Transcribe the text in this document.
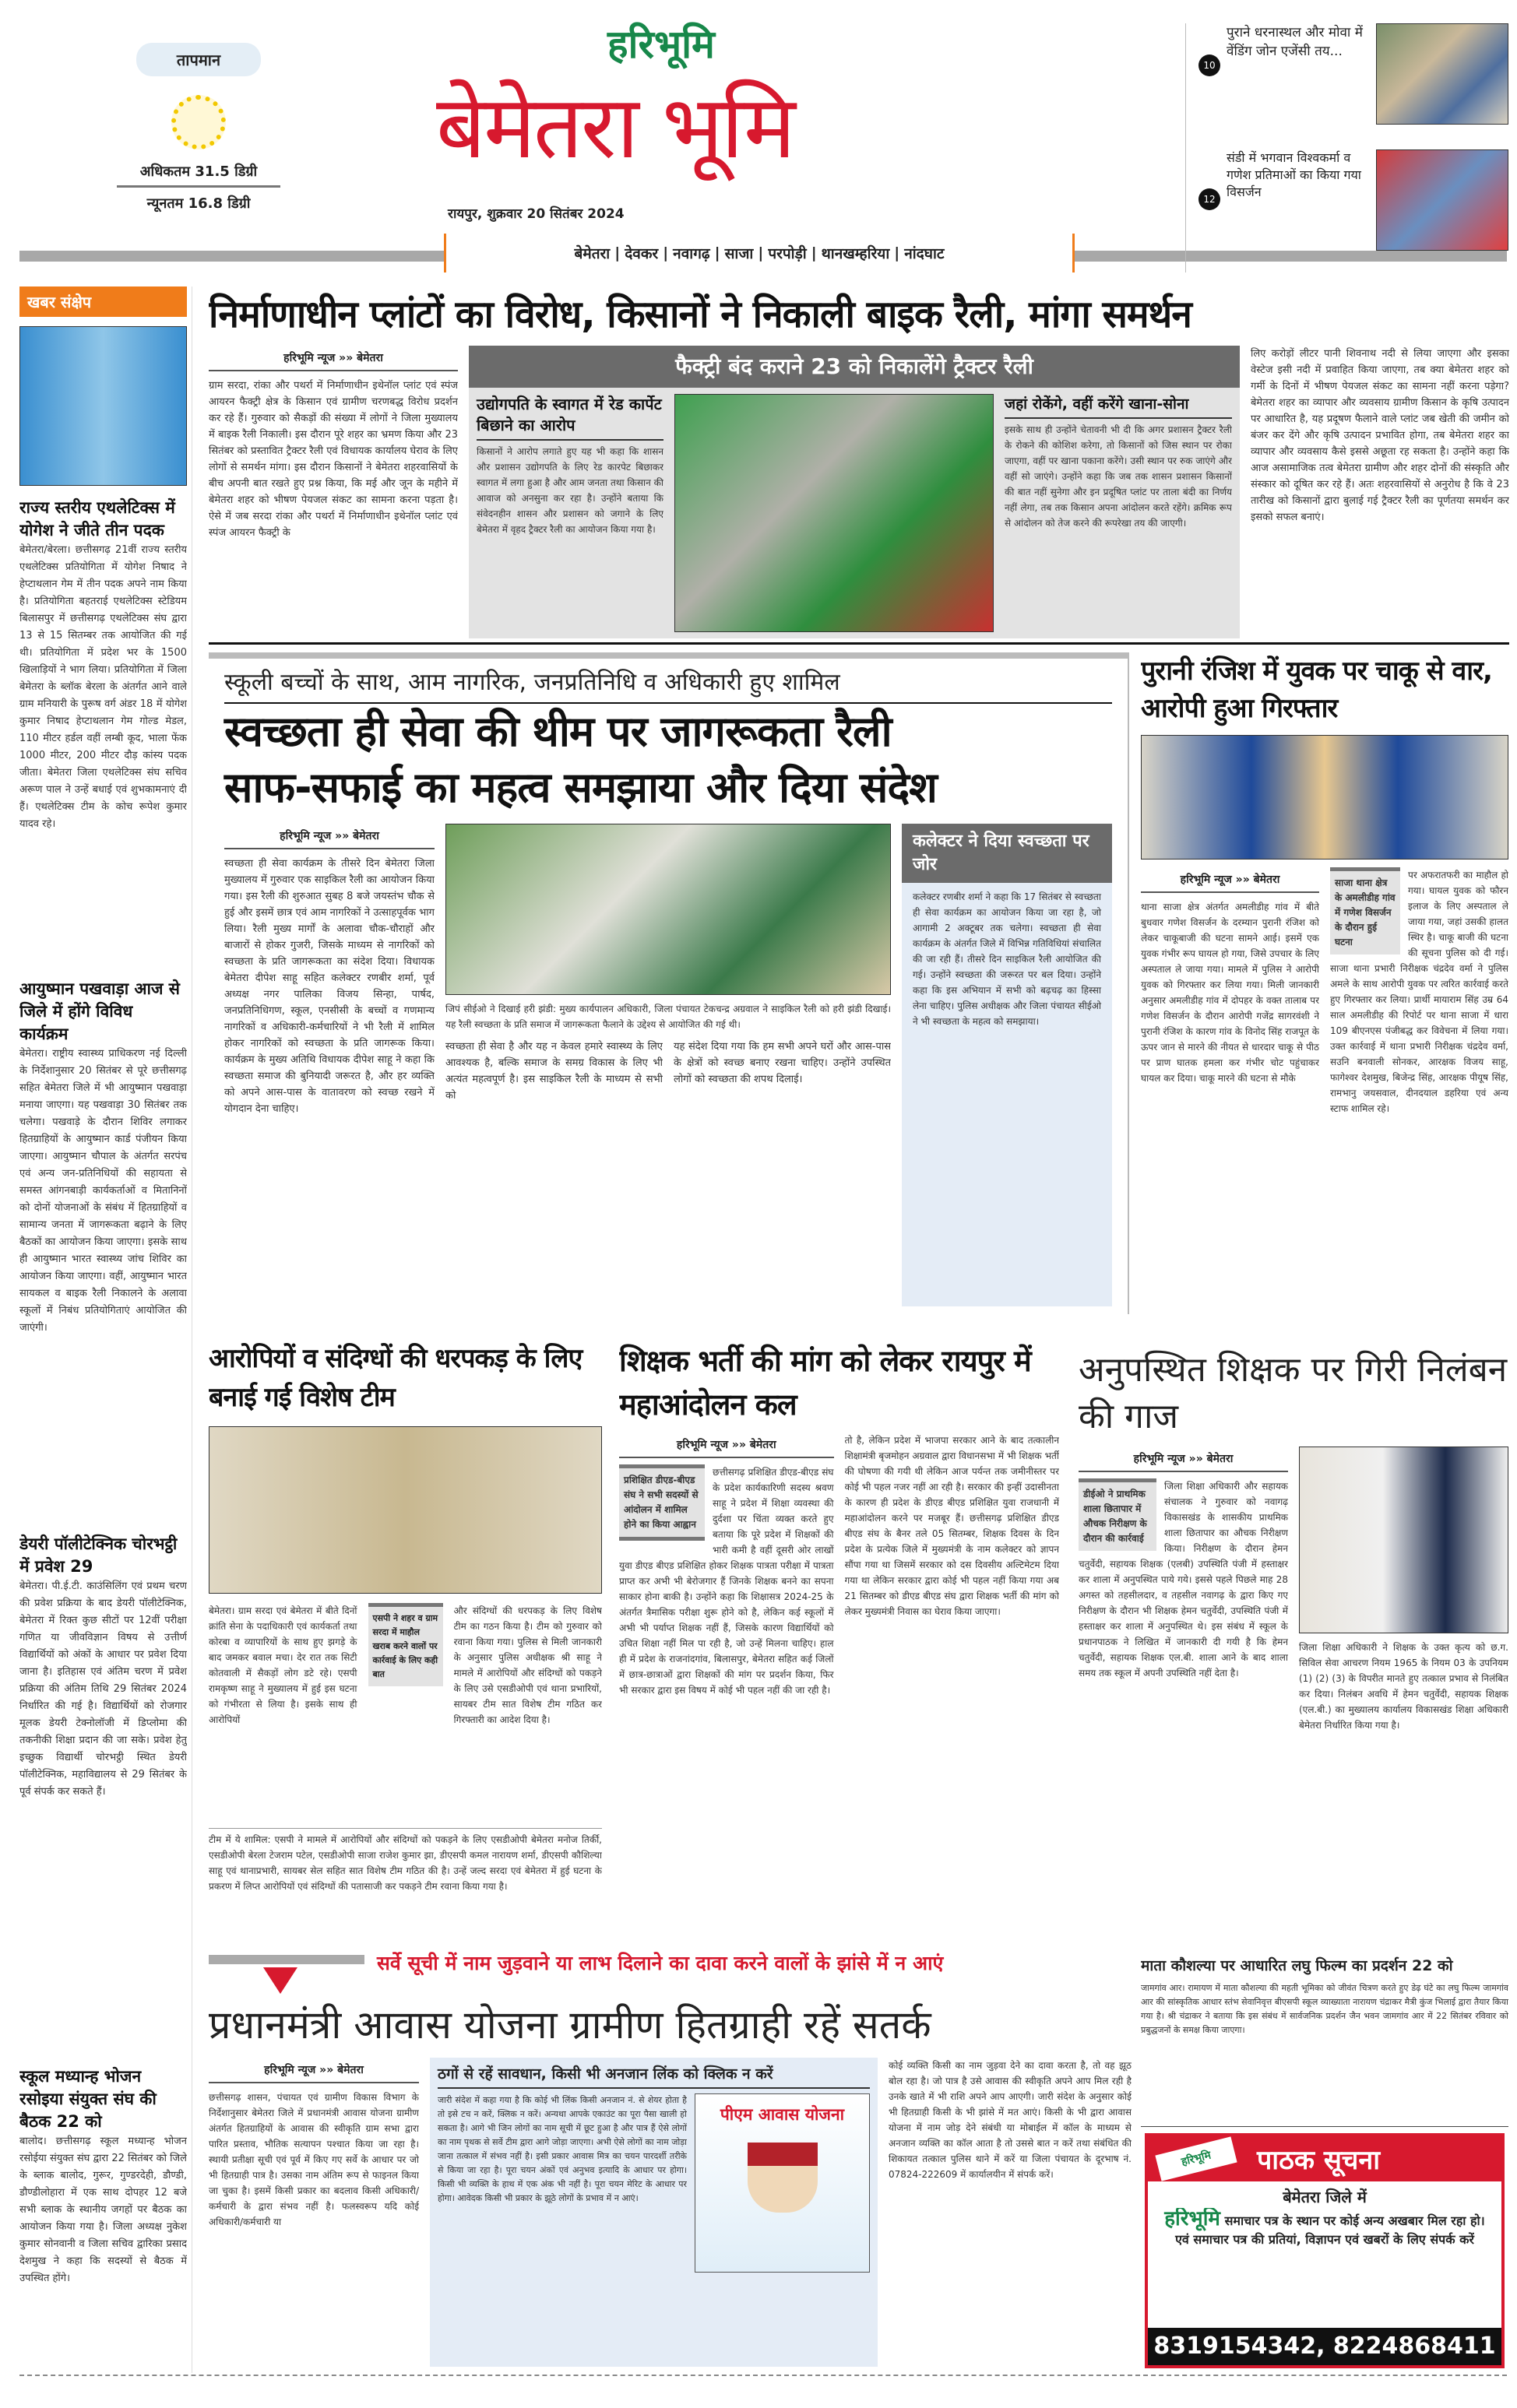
तापमान
अधिकतम 31.5 डिग्री
न्यूनतम 16.8 डिग्री
हरिभूमि
बेमेतरा भूमि
रायपुर, शुक्रवार 20 सितंबर 2024
बेमेतरा | देवकर | नवागढ़ | साजा | परपोड़ी | थानखम्हरिया | नांदघाट
10
पुराने धरनास्थल और मोवा में वेंडिंग जोन एजेंसी तय...
12
संडी में भगवान विश्वकर्मा व गणेश प्रतिमाओं का किया गया विसर्जन
खबर संक्षेप
राज्य स्तरीय एथलेटिक्स में योगेश ने जीते तीन पदक
बेमेतरा/बेरला। छत्तीसगढ़ 21वीं राज्य स्तरीय एथलेटिक्स प्रतियोगिता में योगेश निषाद ने हेप्टाथलान गेम में तीन पदक अपने नाम किया है। प्रतियोगिता बहतराई एथलेटिक्स स्टेडियम बिलासपुर में छत्तीसगढ़ एथलेटिक्स संघ द्वारा 13 से 15 सितम्बर तक आयोजित की गई थी। प्रतियोगिता में प्रदेश भर के 1500 खिलाड़ियों ने भाग लिया। प्रतियोगिता में जिला बेमेतरा के ब्लॉक बेरला के अंतर्गत आने वाले ग्राम मनियारी के पुरूष वर्ग अंडर 18 में योगेश कुमार निषाद हेप्टाथलान गेम गोल्ड मेडल, 110 मीटर हर्डल वहीं लम्बी कूद, भाला फेंक 1000 मीटर, 200 मीटर दौड़ कांस्य पदक जीता। बेमेतरा जिला एथलेटिक्स संघ सचिव अरूण पाल ने उन्हें बधाई एवं शुभकामनाएं दी हैं। एथलेटिक्स टीम के कोच रूपेश कुमार यादव रहे।
आयुष्मान पखवाड़ा आज से जिले में होंगे विविध कार्यक्रम
बेमेतरा। राष्ट्रीय स्वास्थ्य प्राधिकरण नई दिल्ली के निर्देशानुसार 20 सितंबर से पूरे छत्तीसगढ़ सहित बेमेतरा जिले में भी आयुष्मान पखवाड़ा मनाया जाएगा। यह पखवाड़ा 30 सितंबर तक चलेगा। पखवाड़े के दौरान शिविर लगाकर हितग्राहियों के आयुष्मान कार्ड पंजीयन किया जाएगा। आयुष्मान चौपाल के अंतर्गत सरपंच एवं अन्य जन-प्रतिनिधियों की सहायता से समस्त आंगनबाड़ी कार्यकर्ताओं व मितानिनों को दोनों योजनाओं के संबंध में हितग्राहियों व सामान्य जनता में जागरूकता बढ़ाने के लिए बैठकों का आयोजन किया जाएगा। इसके साथ ही आयुष्मान भारत स्वास्थ्य जांच शिविर का आयोजन किया जाएगा। वहीं, आयुष्मान भारत सायकल व बाइक रैली निकालने के अलावा स्कूलों में निबंध प्रतियोगिताएं आयोजित की जाएंगी।
डेयरी पॉलीटेक्निक चोरभट्ठी में प्रवेश 29
बेमेतरा। पी.ई.टी. काउंसिलिंग एवं प्रथम चरण की प्रवेश प्रक्रिया के बाद डेयरी पॉलीटेक्निक, बेमेतरा में रिक्त कुछ सीटों पर 12वीं परीक्षा गणित या जीवविज्ञान विषय से उत्तीर्ण विद्यार्थियों को अंकों के आधार पर प्रवेश दिया जाना है। इतिहास एवं अंतिम चरण में प्रवेश प्रक्रिया की अंतिम तिथि 29 सितंबर 2024 निर्धारित की गई है। विद्यार्थियों को रोजगार मूलक डेयरी टेक्नोलॉजी में डिप्लोमा की तकनीकी शिक्षा प्रदान की जा सके। प्रवेश हेतु इच्छुक विद्यार्थी चोरभट्ठी स्थित डेयरी पॉलीटेक्निक, महाविद्यालय से 29 सितंबर के पूर्व संपर्क कर सकते हैं।
स्कूल मध्यान्ह भोजन रसोइया संयुक्त संघ की बैठक 22 को
बालोद। छत्तीसगढ़ स्कूल मध्यान्ह भोजन रसोईया संयुक्त संघ द्वारा 22 सितंबर को जिले के ब्लाक बालोद, गुरूर, गुण्डरदेही, डौण्डी, डौण्डीलोहारा में एक साथ दोपहर 12 बजे सभी ब्लाक के स्थानीय जगहों पर बैठक का आयोजन किया गया है। जिला अध्यक्ष नुकेश कुमार सोनवानी व जिला सचिव द्वारिका प्रसाद देशमुख ने कहा कि सदस्यों से बैठक में उपस्थित होंगे।
निर्माणाधीन प्लांटों का विरोध, किसानों ने निकाली बाइक रैली, मांगा समर्थन
हरिभूमि न्यूज »» बेमेतरा
ग्राम सरदा, रांका और पथर्रा में निर्माणाधीन इथेनॉल प्लांट एवं स्पंज आयरन फैक्ट्री क्षेत्र के किसान एवं ग्रामीण चरणबद्ध विरोध प्रदर्शन कर रहे हैं। गुरुवार को सैकड़ों की संख्या में लोगों ने जिला मुख्यालय में बाइक रैली निकाली। इस दौरान पूरे शहर का भ्रमण किया और 23 सितंबर को प्रस्तावित ट्रैक्टर रैली एवं विधायक कार्यालय घेराव के लिए लोगों से समर्थन मांगा। इस दौरान किसानों ने बेमेतरा शहरवासियों के बीच अपनी बात रखते हुए प्रश्न किया, कि मई और जून के महीने में बेमेतरा शहर को भीषण पेयजल संकट का सामना करना पड़ता है। ऐसे में जब सरदा रांका और पथर्रा में निर्माणाधीन इथेनॉल प्लांट एवं स्पंज आयरन फैक्ट्री के
फैक्ट्री बंद कराने 23 को निकालेंगे ट्रैक्टर रैली
उद्योगपति के स्वागत में रेड कार्पेट बिछाने का आरोप
किसानों ने आरोप लगाते हुए यह भी कहा कि शासन और प्रशासन उद्योगपति के लिए रेड कारपेट बिछाकर स्वागत में लगा हुआ है और आम जनता तथा किसान की आवाज को अनसुना कर रहा है। उन्होंने बताया कि संवेदनहीन शासन और प्रशासन को जगाने के लिए बेमेतरा में वृहद ट्रैक्टर रैली का आयोजन किया गया है।
जहां रोकेंगे, वहीं करेंगे खाना-सोना
इसके साथ ही उन्होंने चेतावनी भी दी कि अगर प्रशासन ट्रैक्टर रैली के रोकने की कोशिश करेगा, तो किसानों को जिस स्थान पर रोका जाएगा, वहीं पर खाना पकाना करेंगे। उसी स्थान पर रुक जाएंगे और वहीं सो जाएंगे। उन्होंने कहा कि जब तक शासन प्रशासन किसानों की बात नहीं सुनेगा और इन प्रदूषित प्लांट पर ताला बंदी का निर्णय नहीं लेगा, तब तक किसान अपना आंदोलन करते रहेंगे। क्रमिक रूप से आंदोलन को तेज करने की रूपरेखा तय की जाएगी।
लिए करोड़ों लीटर पानी शिवनाथ नदी से लिया जाएगा और इसका वेस्टेज इसी नदी में प्रवाहित किया जाएगा, तब क्या बेमेतरा शहर को गर्मी के दिनों में भीषण पेयजल संकट का सामना नहीं करना पड़ेगा? बेमेतरा शहर का व्यापार और व्यवसाय ग्रामीण किसान के कृषि उत्पादन पर आधारित है, यह प्रदूषण फैलाने वाले प्लांट जब खेती की जमीन को बंजर कर देंगे और कृषि उत्पादन प्रभावित होगा, तब बेमेतरा शहर का व्यापार और व्यवसाय कैसे इससे अछूता रह सकता है। उन्होंने कहा कि आज असामाजिक तत्व बेमेतरा ग्रामीण और शहर दोनों की संस्कृति और संस्कार को दूषित कर रहे हैं। अतः शहरवासियों से अनुरोध है कि वे 23 तारीख को किसानों द्वारा बुलाई गई ट्रैक्टर रैली का पूर्णतया समर्थन कर इसको सफल बनाएं।
स्कूली बच्चों के साथ, आम नागरिक, जनप्रतिनिधि व अधिकारी हुए शामिल
स्वच्छता ही सेवा की थीम पर जागरूकता रैली
साफ-सफाई का महत्व समझाया और दिया संदेश
हरिभूमि न्यूज »» बेमेतरा
स्वच्छता ही सेवा कार्यक्रम के तीसरे दिन बेमेतरा जिला मुख्यालय में गुरुवार एक साइकिल रैली का आयोजन किया गया। इस रैली की शुरुआत सुबह 8 बजे जयस्तंभ चौक से हुई और इसमें छात्र एवं आम नागरिकों ने उत्साहपूर्वक भाग लिया। रैली मुख्य मार्गों के अलावा चौक-चौराहों और बाजारों से होकर गुजरी, जिसके माध्यम से नागरिकों को स्वच्छता के प्रति जागरूकता का संदेश दिया। विधायक बेमेतरा दीपेश साहू सहित कलेक्टर रणबीर शर्मा, पूर्व अध्यक्ष नगर पालिका विजय सिन्हा, पार्षद, जनप्रतिनिधिगण, स्कूल, एनसीसी के बच्चों व गणमान्य नागरिकों व अधिकारी-कर्मचारियों ने भी रैली में शामिल होकर नागरिकों को स्वच्छता के प्रति जागरूक किया। कार्यक्रम के मुख्य अतिथि विधायक दीपेश साहू ने कहा कि स्वच्छता समाज की बुनियादी जरूरत है, और हर व्यक्ति को अपने आस-पास के वातावरण को स्वच्छ रखने में योगदान देना चाहिए।
जिपं सीईओ ने दिखाई हरी झंडी: मुख्य कार्यपालन अधिकारी, जिला पंचायत टेकचन्द्र अग्रवाल ने साइकिल रैली को हरी झंडी दिखाई। यह रैली स्वच्छता के प्रति समाज में जागरूकता फैलाने के उद्देश्य से आयोजित की गई थी।
स्वच्छता ही सेवा है और यह न केवल हमारे स्वास्थ्य के लिए आवश्यक है, बल्कि समाज के समग्र विकास के लिए भी अत्यंत महत्वपूर्ण है। इस साइकिल रैली के माध्यम से सभी को
यह संदेश दिया गया कि हम सभी अपने घरों और आस-पास के क्षेत्रों को स्वच्छ बनाए रखना चाहिए। उन्होंने उपस्थित लोगों को स्वच्छता की शपथ दिलाई।
कलेक्टर ने दिया स्वच्छता पर जोर
कलेक्टर रणबीर शर्मा ने कहा कि 17 सितंबर से स्वच्छता ही सेवा कार्यक्रम का आयोजन किया जा रहा है, जो आगामी 2 अक्टूबर तक चलेगा। स्वच्छता ही सेवा कार्यक्रम के अंतर्गत जिले में विभिन्न गतिविधियां संचालित की जा रही हैं। तीसरे दिन साइकिल रैली आयोजित की गई। उन्होंने स्वच्छता की जरूरत पर बल दिया। उन्होंने कहा कि इस अभियान में सभी को बढ़चढ़ का हिस्सा लेना चाहिए। पुलिस अधीक्षक और जिला पंचायत सीईओ ने भी स्वच्छता के महत्व को समझाया।
पुरानी रंजिश में युवक पर चाकू से वार, आरोपी हुआ गिरफ्तार
हरिभूमि न्यूज »» बेमेतरा
थाना साजा क्षेत्र अंतर्गत अमलीडीह गांव में बीते बुधवार गणेश विसर्जन के दरम्यान पुरानी रंजिश को लेकर चाकूबाजी की घटना सामने आई। इसमें एक युवक गंभीर रूप घायल हो गया, जिसे उपचार के लिए अस्पताल ले जाया गया। मामले में पुलिस ने आरोपी युवक को गिरफ्तार कर लिया गया। मिली जानकारी अनुसार अमलीडीह गांव में दोपहर के वक्त तालाब पर गणेश विसर्जन के दौरान आरोपी गजेंद्र सागरवंशी ने पुरानी रंजिश के कारण गांव के विनोद सिंह राजपूत के ऊपर जान से मारने की नीयत से धारदार चाकू से पीठ पर प्राण घातक हमला कर गंभीर चोट पहुंचाकर घायल कर दिया। चाकू मारने की घटना से मौके
साजा थाना क्षेत्र के अमलीडीह गांव में गणेश विसर्जन के दौरान हुई घटना
पर अफरातफरी का माहौल हो गया। घायल युवक को फौरन इलाज के लिए अस्पताल ले जाया गया, जहां उसकी हालत स्थिर है। चाकू बाजी की घटना की सूचना पुलिस को दी गई। साजा थाना प्रभारी निरीक्षक चंद्रदेव वर्मा ने पुलिस अमले के साथ आरोपी युवक पर त्वरित कार्रवाई करते हुए गिरफ्तार कर लिया। प्रार्थी मायाराम सिंह उम्र 64 साल अमलीडीह की रिपोर्ट पर थाना साजा में धारा 109 बीएनएस पंजीबद्ध कर विवेचना में लिया गया। उक्त कार्रवाई में थाना प्रभारी निरीक्षक चंद्रदेव वर्मा, सउनि बनवाली सोनकर, आरक्षक विजय साहू, फागेश्वर देशमुख, बिजेन्द्र सिंह, आरक्षक पीयूष सिंह, रामभानु जयसवाल, दीनदयाल डहरिया एवं अन्य स्टाफ शामिल रहे।
आरोपियों व संदिग्धों की धरपकड़ के लिए बनाई गई विशेष टीम
बेमेतरा। ग्राम सरदा एवं बेमेतरा में बीते दिनों क्रांति सेना के पदाधिकारी एवं कार्यकर्ता तथा कोरबा व व्यापारियों के साथ हुए झगड़े के बाद जमकर बवाल मचा। देर रात तक सिटी कोतवाली में सैकड़ों लोग डटे रहे। एसपी रामकृष्ण साहू ने मुख्यालय में हुई इस घटना को गंभीरता से लिया है। इसके साथ ही आरोपियों
एसपी ने शहर व ग्राम सरदा में माहौल खराब करने वालों पर कार्रवाई के लिए कही बात
और संदिग्धों की धरपकड़ के लिए विशेष टीम का गठन किया है। टीम को गुरुवार को रवाना किया गया। पुलिस से मिली जानकारी के अनुसार पुलिस अधीक्षक श्री साहू ने मामले में आरोपियों और संदिग्धों को पकड़ने के लिए उसे एसडीओपी एवं थाना प्रभारियों, सायबर टीम सात विशेष टीम गठित कर गिरफ्तारी का आदेश दिया है।
टीम में ये शामिल: एसपी ने मामले में आरोपियों और संदिग्धों को पकड़ने के लिए एसडीओपी बेमेतरा मनोज तिर्की, एसडीओपी बेरला टेजराम पटेल, एसडीओपी साजा राजेश कुमार झा, डीएसपी कमल नारायण शर्मा, डीएसपी कौशिल्या साहू एवं थानाप्रभारी, सायबर सेल सहित सात विशेष टीम गठित की है। उन्हें जल्द सरदा एवं बेमेतरा में हुई घटना के प्रकरण में लिप्त आरोपियों एवं संदिग्धों की पतासाजी कर पकड़ने टीम रवाना किया गया है।
शिक्षक भर्ती की मांग को लेकर रायपुर में महाआंदोलन कल
हरिभूमि न्यूज »» बेमेतरा
प्रशिक्षित डीएड-बीएड संघ ने सभी सदस्यों से आंदोलन में शामिल होने का किया आह्वान
छत्तीसगढ़ प्रशिक्षित डीएड-बीएड संघ के प्रदेश कार्यकारिणी सदस्य श्रवण साहू ने प्रदेश में शिक्षा व्यवस्था की दुर्दशा पर चिंता व्यक्त करते हुए बताया कि पूरे प्रदेश में शिक्षकों की भारी कमी है वहीं दूसरी ओर लाखों युवा डीएड बीएड प्रशिक्षित होकर शिक्षक पात्रता परीक्षा में पात्रता प्राप्त कर अभी भी बेरोजगार हैं जिनके शिक्षक बनने का सपना साकार होना बाकी है। उन्होंने कहा कि शिक्षासत्र 2024-25 के अंतर्गत त्रैमासिक परीक्षा शुरू होने को है, लेकिन कई स्कूलों में अभी भी पर्याप्त शिक्षक नहीं हैं, जिसके कारण विद्यार्थियों को उचित शिक्षा नहीं मिल पा रही है, जो उन्हें मिलना चाहिए। हाल ही में प्रदेश के राजनांदगांव, बिलासपुर, बेमेतरा सहित कई जिलों में छात्र-छात्राओं द्वारा शिक्षकों की मांग पर प्रदर्शन किया, फिर भी सरकार द्वारा इस विषय में कोई भी पहल नहीं की जा रही है।
तो है, लेकिन प्रदेश में भाजपा सरकार आने के बाद तत्कालीन शिक्षामंत्री बृजमोहन अग्रवाल द्वारा विधानसभा में भी शिक्षक भर्ती की घोषणा की गयी थी लेकिन आज पर्यन्त तक जमीनीस्तर पर कोई भी पहल नजर नहीं आ रही है। सरकार की इन्हीं उदासीनता के कारण ही प्रदेश के डीएड बीएड प्रशिक्षित युवा राजधानी में महाआंदोलन करने पर मजबूर हैं। छत्तीसगढ़ प्रशिक्षित डीएड बीएड संघ के बैनर तले 05 सितम्बर, शिक्षक दिवस के दिन प्रदेश के प्रत्येक जिले में मुख्यमंत्री के नाम कलेक्टर को ज्ञापन सौंपा गया था जिसमें सरकार को दस दिवसीय अल्टिमेटम दिया गया था लेकिन सरकार द्वारा कोई भी पहल नहीं किया गया अब 21 सितम्बर को डीएड बीएड संघ द्वारा शिक्षक भर्ती की मांग को लेकर मुख्यमंत्री निवास का घेराव किया जाएगा।
अनुपस्थित शिक्षक पर गिरी निलंबन की गाज
हरिभूमि न्यूज »» बेमेतरा
डीईओ ने प्राथमिक शाला छितापार में औचक निरीक्षण के दौरान की कार्रवाई
जिला शिक्षा अधिकारी और सहायक संचालक ने गुरुवार को नवागढ़ विकासखंड के शासकीय प्राथमिक शाला छितापार का औचक निरीक्षण किया। निरीक्षण के दौरान हेमन चतुर्वेदी, सहायक शिक्षक (एलबी) उपस्थिति पंजी में हस्ताक्षर कर शाला में अनुपस्थित पाये गये। इससे पहले पिछले माह 28 अगस्त को तहसीलदार, व तहसील नवागढ़ के द्वारा किए गए निरीक्षण के दौरान भी शिक्षक हेमन चतुर्वेदी, उपस्थिति पंजी में हस्ताक्षर कर शाला में अनुपस्थित थे। इस संबंध में स्कूल के प्रधानपाठक ने लिखित में जानकारी दी गयी है कि हेमन चतुर्वेदी, सहायक शिक्षक एल.बी. शाला आने के बाद शाला समय तक स्कूल में अपनी उपस्थिति नहीं देता है।
जिला शिक्षा अधिकारी ने शिक्षक के उक्त कृत्य को छ.ग. सिविल सेवा आचरण नियम 1965 के नियम 03 के उपनियम (1) (2) (3) के विपरीत मानते हुए तत्काल प्रभाव से निलंबित कर दिया। निलंबन अवधि में हेमन चतुर्वेदी, सहायक शिक्षक (एल.बी.) का मुख्यालय कार्यालय विकासखंड शिक्षा अधिकारी बेमेतरा निर्धारित किया गया है।
सर्वे सूची में नाम जुड़वाने या लाभ दिलाने का दावा करने वालों के झांसे में न आएं
प्रधानमंत्री आवास योजना ग्रामीण हितग्राही रहें सतर्क
हरिभूमि न्यूज »» बेमेतरा
छत्तीसगढ़ शासन, पंचायत एवं ग्रामीण विकास विभाग के निर्देशानुसार बेमेतरा जिले में प्रधानमंत्री आवास योजना ग्रामीण अंतर्गत हितग्राहियों के आवास की स्वीकृति ग्राम सभा द्वारा पारित प्रस्ताव, भौतिक सत्यापन पश्चात किया जा रहा है। स्थायी प्रतीक्षा सूची एवं पूर्व में किए गए सर्वे के आधार पर जो भी हितग्राही पात्र है। उसका नाम अंतिम रूप से फाइनल किया जा चुका है। इसमें किसी प्रकार का बदलाव किसी अधिकारी/कर्मचारी के द्वारा संभव नहीं है। फलस्वरूप यदि कोई अधिकारी/कर्मचारी या
ठगों से रहें सावधान, किसी भी अनजान लिंक को क्लिक न करें
जारी संदेश में कहा गया है कि कोई भी लिंक किसी अनजान नं. से शेयर होता है तो इसे टच न करें, क्लिक न करें। अन्यथा आपके एकाउंट का पूरा पैसा खाली हो सकता है। आगे भी जिन लोगों का नाम सूची में छूट हुआ है और पात्र हैं ऐसे लोगों का नाम पृथक से सर्वे टीम द्वारा आगे जोड़ा जाएगा। अभी ऐसे लोगों का नाम जोड़ा जाना तत्काल में संभव नहीं है। इसी प्रकार आवास मित्र का चयन पारदर्शी तरीके से किया जा रहा है। पूरा चयन अंकों एवं अनुभव इत्यादि के आधार पर होगा। किसी भी व्यक्ति के हाथ में एक अंक भी नहीं है। पूरा चयन मेरिट के आधार पर होगा। आवेदक किसी भी प्रकार के झूठे लोगों के प्रभाव में न आएं।
पीएम आवास योजना
कोई व्यक्ति किसी का नाम जुड़वा देने का दावा करता है, तो वह झूठ बोल रहा है। जो पात्र है उसे आवास की स्वीकृति अपने आप मिल रही है उनके खाते में भी राशि अपने आप आएगी। जारी संदेश के अनुसार कोई भी हितग्राही किसी के भी झांसे में मत आएं। किसी के भी द्वारा आवास योजना में नाम जोड़ देने संबंधी या मोबाईल में कॉल के माध्यम से अनजान व्यक्ति का कॉल आता है तो उससे बात न करें तथा संबंधित की शिकायत तत्काल पुलिस थाने में करें या जिला पंचायत के दूरभाष नं. 07824-222609 में कार्यालयीन में संपर्क करें।
माता कौशल्या पर आधारित लघु फिल्म का प्रदर्शन 22 को
जामगांव आर। रामायण में माता कौशल्या की महती भूमिका को जीवंत चित्रण करते हुए डेढ़ घंटे का लघु फिल्म जामगांव आर की सांस्कृतिक आधार स्तंभ सेवानिवृत्त बीएसपी स्कूल व्याख्याता नारायण चंद्राकर मैत्री कुंज भिलाई द्वारा तैयार किया गया है। श्री चंद्राकर ने बताया कि इस संबंध में सार्वजनिक प्रदर्शन जैन भवन जामगांव आर में 22 सितंबर रविवार को प्रबुद्धजनों के समक्ष किया जाएगा।
हरिभूमि	पाठक सूचना
बेमेतरा जिले में
हरिभूमि समाचार पत्र के स्थान पर कोई अन्य अखबार मिल रहा हो। एवं समाचार पत्र की प्रतियां, विज्ञापन एवं खबरों के लिए संपर्क करें
8319154342, 8224868411
